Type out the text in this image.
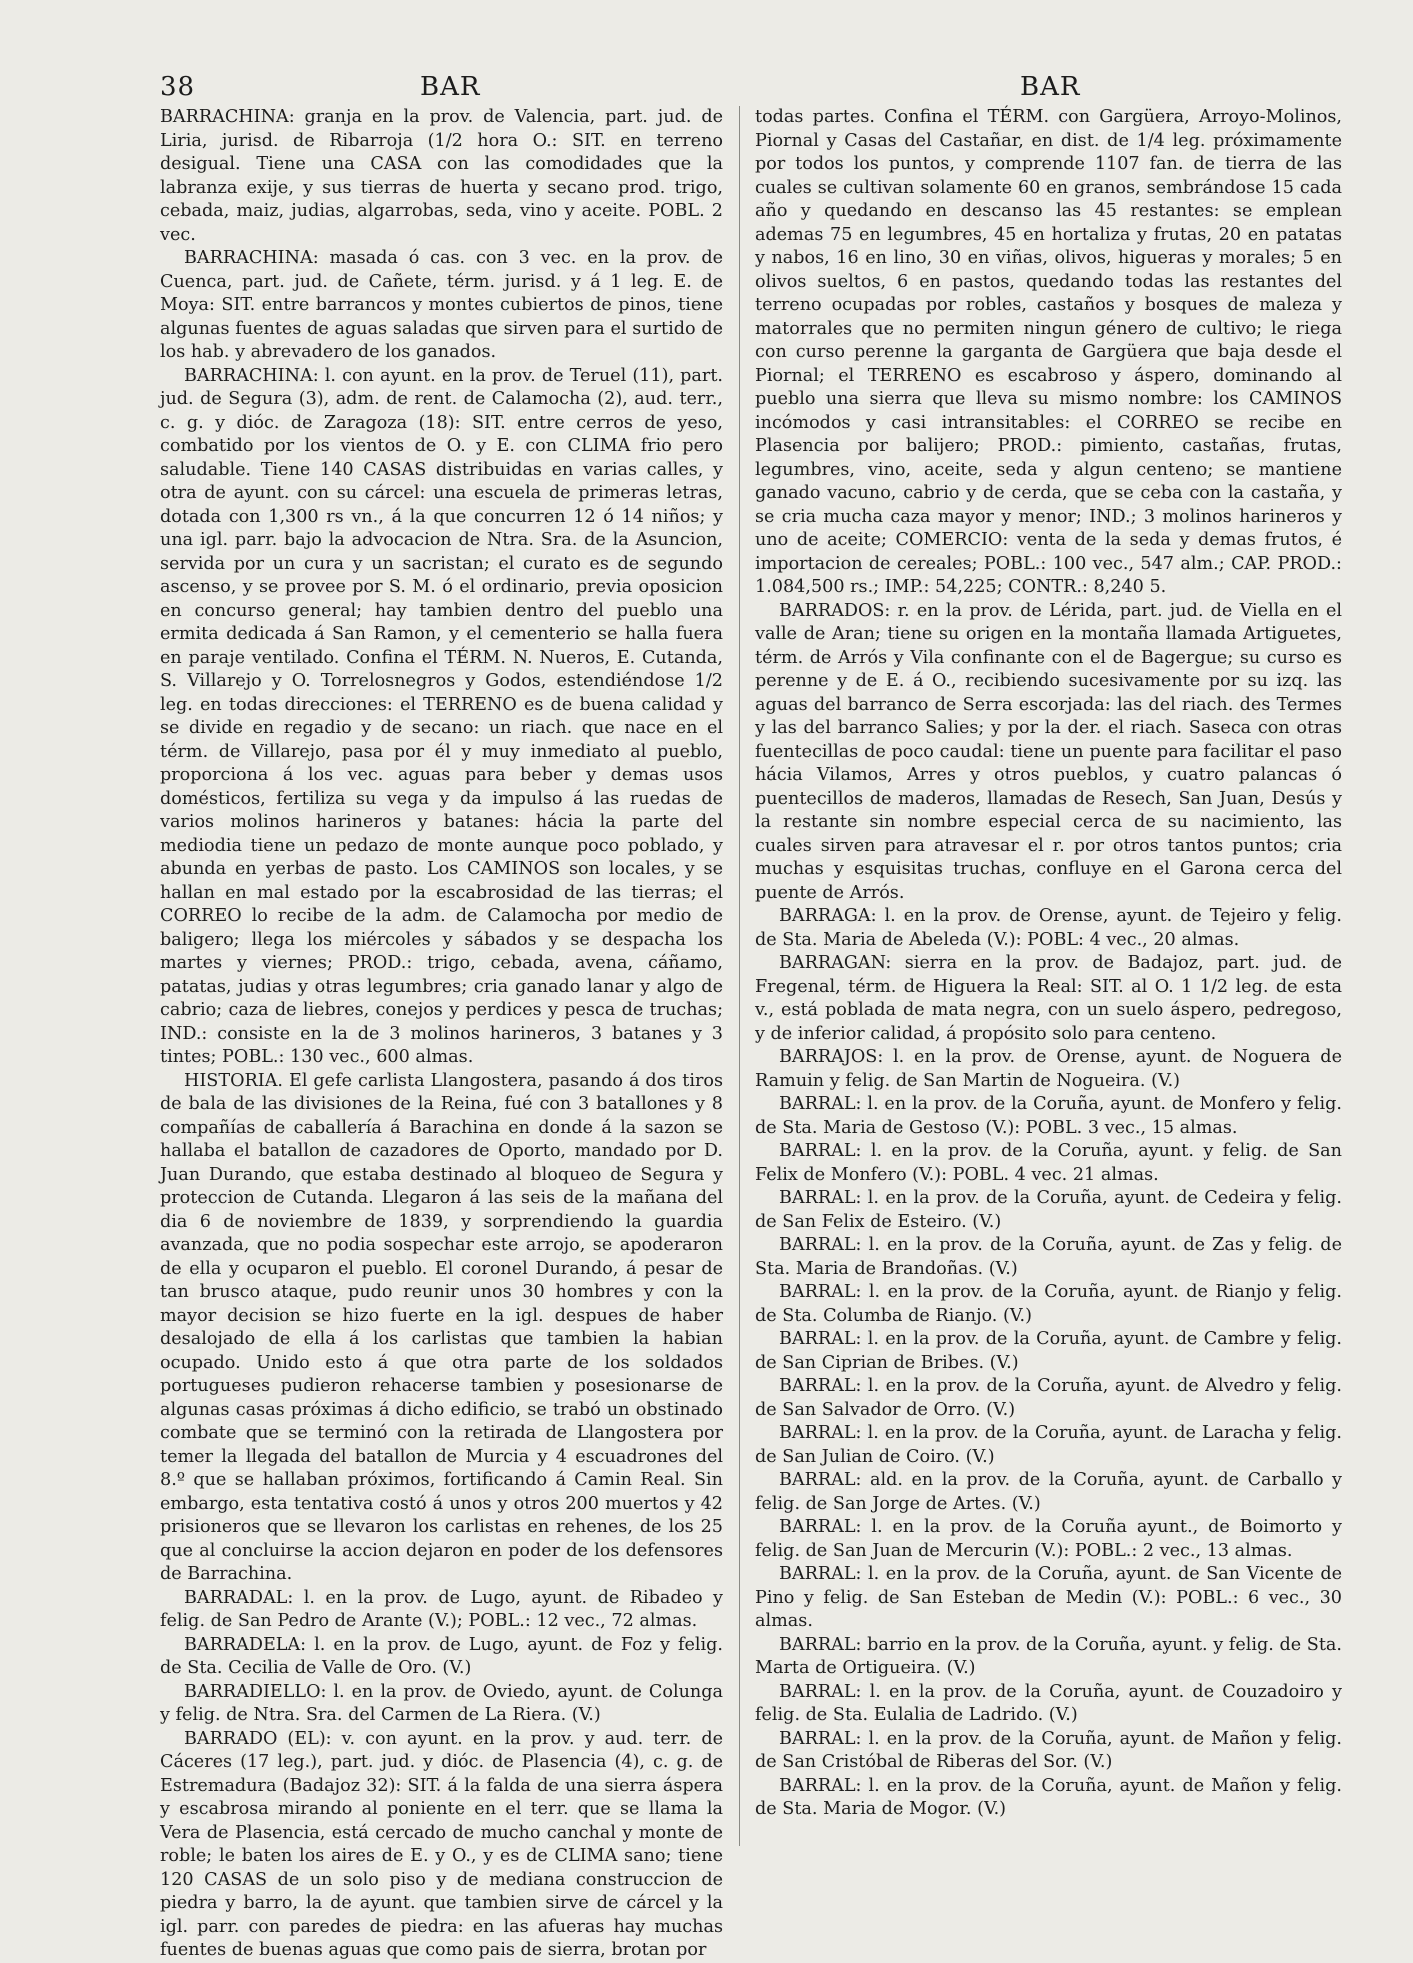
38	BAR	BAR

BARRACHINA: granja en la prov. de Valencia, part. jud. de Liria, jurisd. de Ribarroja (1/2 hora O.: SIT. en terreno desigual. Tiene una CASA con las comodidades que la labranza exije, y sus tierras de huerta y secano prod. trigo, cebada, maiz, judias, algarrobas, seda, vino y aceite. POBL. 2 vec.

BARRACHINA: masada ó cas. con 3 vec. en la prov. de Cuenca, part. jud. de Cañete, térm. jurisd. y á 1 leg. E. de Moya: SIT. entre barrancos y montes cubiertos de pinos, tiene algunas fuentes de aguas saladas que sirven para el surtido de los hab. y abrevadero de los ganados.

BARRACHINA: l. con ayunt. en la prov. de Teruel (11), part. jud. de Segura (3), adm. de rent. de Calamocha (2), aud. terr., c. g. y dióc. de Zaragoza (18): SIT. entre cerros de yeso, combatido por los vientos de O. y E. con CLIMA frio pero saludable. Tiene 140 CASAS distribuidas en varias calles, y otra de ayunt. con su cárcel: una escuela de primeras letras, dotada con 1,300 rs vn., á la que concurren 12 ó 14 niños; y una igl. parr. bajo la advocacion de Ntra. Sra. de la Asuncion, servida por un cura y un sacristan; el curato es de segundo ascenso, y se provee por S. M. ó el ordinario, previa oposicion en concurso general; hay tambien dentro del pueblo una ermita dedicada á San Ramon, y el cementerio se halla fuera en paraje ventilado. Confina el TÉRM. N. Nueros, E. Cutanda, S. Villarejo y O. Torrelosnegros y Godos, estendiéndose 1/2 leg. en todas direcciones: el TERRENO es de buena calidad y se divide en regadio y de secano: un riach. que nace en el térm. de Villarejo, pasa por él y muy inmediato al pueblo, proporciona á los vec. aguas para beber y demas usos domésticos, fertiliza su vega y da impulso á las ruedas de varios molinos harineros y batanes: hácia la parte del mediodia tiene un pedazo de monte aunque poco poblado, y abunda en yerbas de pasto. Los CAMINOS son locales, y se hallan en mal estado por la escabrosidad de las tierras; el CORREO lo recibe de la adm. de Calamocha por medio de baligero; llega los miércoles y sábados y se despacha los martes y viernes; PROD.: trigo, cebada, avena, cáñamo, patatas, judias y otras legumbres; cria ganado lanar y algo de cabrio; caza de liebres, conejos y perdices y pesca de truchas; IND.: consiste en la de 3 molinos harineros, 3 batanes y 3 tintes; POBL.: 130 vec., 600 almas.

HISTORIA. El gefe carlista Llangostera, pasando á dos tiros de bala de las divisiones de la Reina, fué con 3 batallones y 8 compañías de caballería á Barachina en donde á la sazon se hallaba el batallon de cazadores de Oporto, mandado por D. Juan Durando, que estaba destinado al bloqueo de Segura y proteccion de Cutanda. Llegaron á las seis de la mañana del dia 6 de noviembre de 1839, y sorprendiendo la guardia avanzada, que no podia sospechar este arrojo, se apoderaron de ella y ocuparon el pueblo. El coronel Durando, á pesar de tan brusco ataque, pudo reunir unos 30 hombres y con la mayor decision se hizo fuerte en la igl. despues de haber desalojado de ella á los carlistas que tambien la habian ocupado. Unido esto á que otra parte de los soldados portugueses pudieron rehacerse tambien y posesionarse de algunas casas próximas á dicho edificio, se trabó un obstinado combate que se terminó con la retirada de Llangostera por temer la llegada del batallon de Murcia y 4 escuadrones del 8.º que se hallaban próximos, fortificando á Camin Real. Sin embargo, esta tentativa costó á unos y otros 200 muertos y 42 prisioneros que se llevaron los carlistas en rehenes, de los 25 que al concluirse la accion dejaron en poder de los defensores de Barrachina.

BARRADAL: l. en la prov. de Lugo, ayunt. de Ribadeo y felig. de San Pedro de Arante (V.); POBL.: 12 vec., 72 almas.

BARRADELA: l. en la prov. de Lugo, ayunt. de Foz y felig. de Sta. Cecilia de Valle de Oro. (V.)

BARRADIELLO: l. en la prov. de Oviedo, ayunt. de Colunga y felig. de Ntra. Sra. del Carmen de La Riera. (V.)

BARRADO (EL): v. con ayunt. en la prov. y aud. terr. de Cáceres (17 leg.), part. jud. y dióc. de Plasencia (4), c. g. de Estremadura (Badajoz 32): SIT. á la falda de una sierra áspera y escabrosa mirando al poniente en el terr. que se llama la Vera de Plasencia, está cercado de mucho canchal y monte de roble; le baten los aires de E. y O., y es de CLIMA sano; tiene 120 CASAS de un solo piso y de mediana construccion de piedra y barro, la de ayunt. que tambien sirve de cárcel y la igl. parr. con paredes de piedra: en las afueras hay muchas fuentes de buenas aguas que como pais de sierra, brotan por

todas partes. Confina el TÉRM. con Gargüera, Arroyo-Molinos, Piornal y Casas del Castañar, en dist. de 1/4 leg. próximamente por todos los puntos, y comprende 1107 fan. de tierra de las cuales se cultivan solamente 60 en granos, sembrándose 15 cada año y quedando en descanso las 45 restantes: se emplean ademas 75 en legumbres, 45 en hortaliza y frutas, 20 en patatas y nabos, 16 en lino, 30 en viñas, olivos, higueras y morales; 5 en olivos sueltos, 6 en pastos, quedando todas las restantes del terreno ocupadas por robles, castaños y bosques de maleza y matorrales que no permiten ningun género de cultivo; le riega con curso perenne la garganta de Gargüera que baja desde el Piornal; el TERRENO es escabroso y áspero, dominando al pueblo una sierra que lleva su mismo nombre: los CAMINOS incómodos y casi intransitables: el CORREO se recibe en Plasencia por balijero; PROD.: pimiento, castañas, frutas, legumbres, vino, aceite, seda y algun centeno; se mantiene ganado vacuno, cabrio y de cerda, que se ceba con la castaña, y se cria mucha caza mayor y menor; IND.; 3 molinos harineros y uno de aceite; COMERCIO: venta de la seda y demas frutos, é importacion de cereales; POBL.: 100 vec., 547 alm.; CAP. PROD.: 1.084,500 rs.; IMP.: 54,225; CONTR.: 8,240 5.

BARRADOS: r. en la prov. de Lérida, part. jud. de Viella en el valle de Aran; tiene su origen en la montaña llamada Artiguetes, térm. de Arrós y Vila confinante con el de Bagergue; su curso es perenne y de E. á O., recibiendo sucesivamente por su izq. las aguas del barranco de Serra escorjada: las del riach. des Termes y las del barranco Salies; y por la der. el riach. Saseca con otras fuentecillas de poco caudal: tiene un puente para facilitar el paso hácia Vilamos, Arres y otros pueblos, y cuatro palancas ó puentecillos de maderos, llamadas de Resech, San Juan, Desús y la restante sin nombre especial cerca de su nacimiento, las cuales sirven para atravesar el r. por otros tantos puntos; cria muchas y esquisitas truchas, confluye en el Garona cerca del puente de Arrós.

BARRAGA: l. en la prov. de Orense, ayunt. de Tejeiro y felig. de Sta. Maria de Abeleda (V.): POBL: 4 vec., 20 almas.

BARRAGAN: sierra en la prov. de Badajoz, part. jud. de Fregenal, térm. de Higuera la Real: SIT. al O. 1 1/2 leg. de esta v., está poblada de mata negra, con un suelo áspero, pedregoso, y de inferior calidad, á propósito solo para centeno.

BARRAJOS: l. en la prov. de Orense, ayunt. de Noguera de Ramuin y felig. de San Martin de Nogueira. (V.)

BARRAL: l. en la prov. de la Coruña, ayunt. de Monfero y felig. de Sta. Maria de Gestoso (V.): POBL. 3 vec., 15 almas.

BARRAL: l. en la prov. de la Coruña, ayunt. y felig. de San Felix de Monfero (V.): POBL. 4 vec. 21 almas.

BARRAL: l. en la prov. de la Coruña, ayunt. de Cedeira y felig. de San Felix de Esteiro. (V.)

BARRAL: l. en la prov. de la Coruña, ayunt. de Zas y felig. de Sta. Maria de Brandoñas. (V.)

BARRAL: l. en la prov. de la Coruña, ayunt. de Rianjo y felig. de Sta. Columba de Rianjo. (V.)

BARRAL: l. en la prov. de la Coruña, ayunt. de Cambre y felig. de San Ciprian de Bribes. (V.)

BARRAL: l. en la prov. de la Coruña, ayunt. de Alvedro y felig. de San Salvador de Orro. (V.)

BARRAL: l. en la prov. de la Coruña, ayunt. de Laracha y felig. de San Julian de Coiro. (V.)

BARRAL: ald. en la prov. de la Coruña, ayunt. de Carballo y felig. de San Jorge de Artes. (V.)

BARRAL: l. en la prov. de la Coruña ayunt., de Boimorto y felig. de San Juan de Mercurin (V.): POBL.: 2 vec., 13 almas.

BARRAL: l. en la prov. de la Coruña, ayunt. de San Vicente de Pino y felig. de San Esteban de Medin (V.): POBL.: 6 vec., 30 almas.

BARRAL: barrio en la prov. de la Coruña, ayunt. y felig. de Sta. Marta de Ortigueira. (V.)

BARRAL: l. en la prov. de la Coruña, ayunt. de Couzadoiro y felig. de Sta. Eulalia de Ladrido. (V.)

BARRAL: l. en la prov. de la Coruña, ayunt. de Mañon y felig. de San Cristóbal de Riberas del Sor. (V.)

BARRAL: l. en la prov. de la Coruña, ayunt. de Mañon y felig. de Sta. Maria de Mogor. (V.)
